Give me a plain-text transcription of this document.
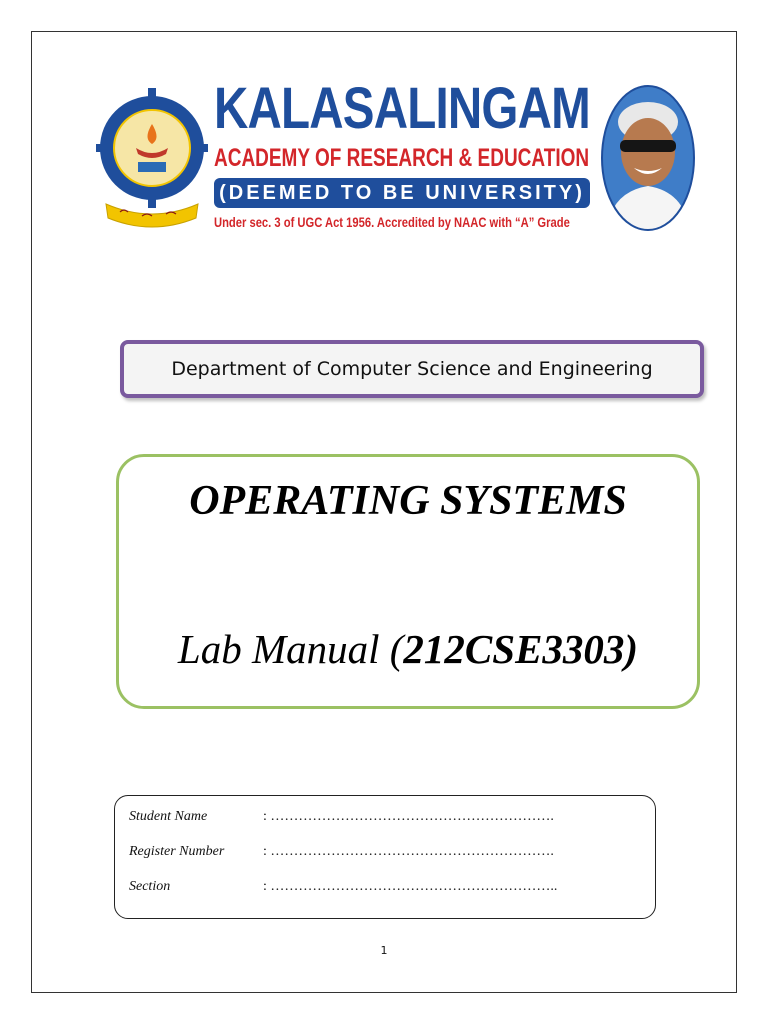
KALASALINGAM
ACADEMY OF RESEARCH & EDUCATION
(DEEMED TO BE UNIVERSITY)
Under sec. 3 of UGC Act 1956. Accredited by NAAC with “A” Grade
Department of Computer Science and Engineering
OPERATING SYSTEMS
Lab Manual (212CSE3303)
Student Name	: …………………………………………………….
Register Number	: …………………………………………………….
Section	: ……………………………………………………..
1
